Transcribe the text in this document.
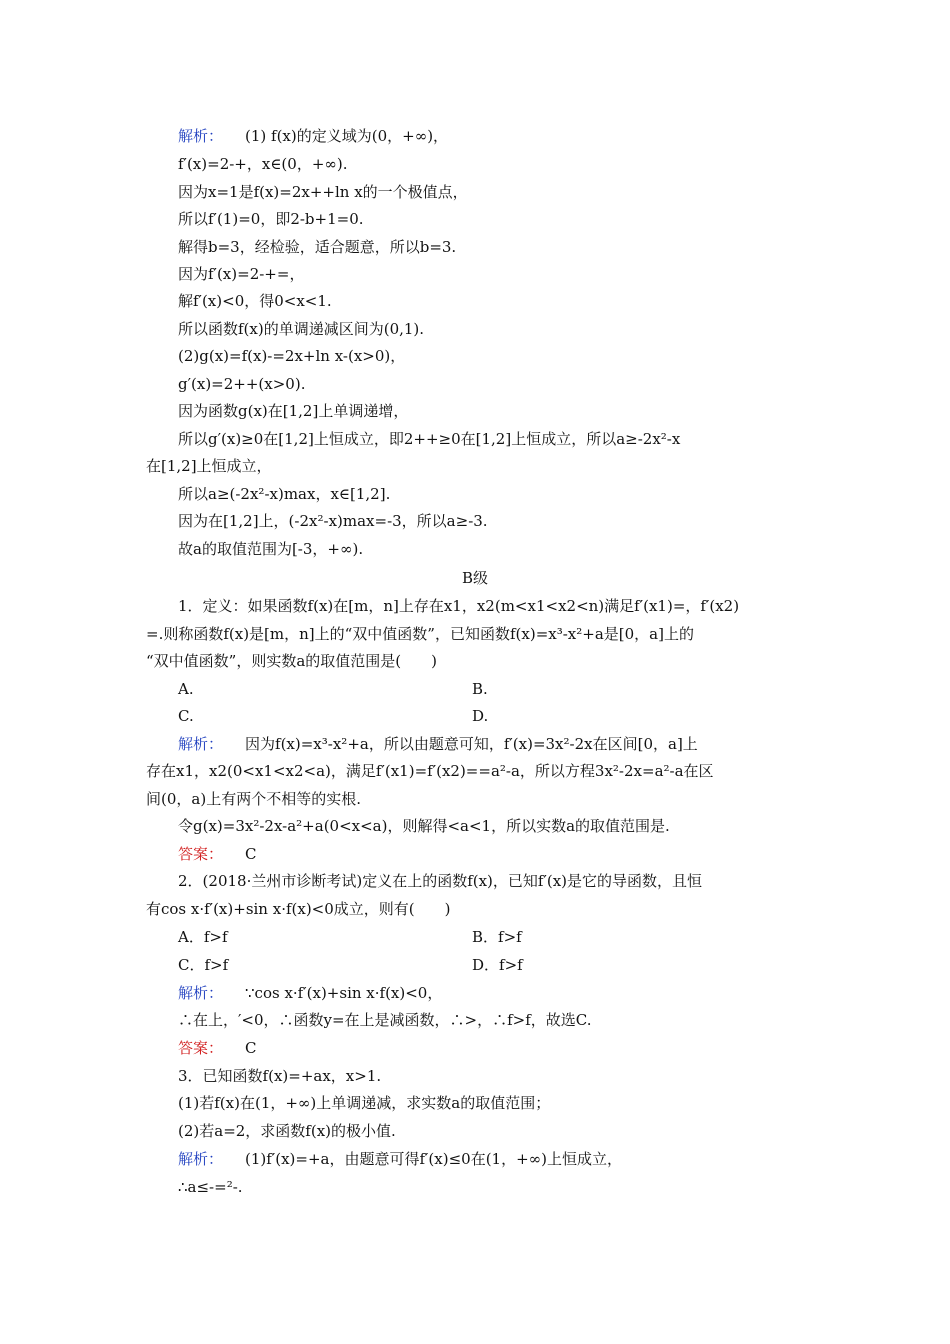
解析： (1) f(x)的定义域为(0，+∞)，
f′(x)=2-+，x∈(0，+∞).
因为x=1是f(x)=2x++ln x的一个极值点，
所以f′(1)=0，即2-b+1=0.
解得b=3，经检验，适合题意，所以b=3.
因为f′(x)=2-+=，
解f′(x)<0，得0<x<1.
所以函数f(x)的单调递减区间为(0,1).
(2)g(x)=f(x)-=2x+ln x-(x>0)，
g′(x)=2++(x>0).
因为函数g(x)在[1,2]上单调递增，
所以g′(x)≥0在[1,2]上恒成立，即2++≥0在[1,2]上恒成立，所以a≥-2x²-x
在[1,2]上恒成立，
所以a≥(-2x²-x)max，x∈[1,2].
因为在[1,2]上，(-2x²-x)max=-3，所以a≥-3.
故a的取值范围为[-3，+∞).
B级
1．定义：如果函数f(x)在[m，n]上存在x1，x2(m<x1<x2<n)满足f′(x1)=，f′(x2)
=.则称函数f(x)是[m，n]上的“双中值函数”，已知函数f(x)=x³-x²+a是[0，a]上的
“双中值函数”，则实数a的取值范围是(　　)
A.	B.
C.	D.
解析： 因为f(x)=x³-x²+a，所以由题意可知，f′(x)=3x²-2x在区间[0，a]上
存在x1，x2(0<x1<x2<a)，满足f′(x1)=f′(x2)==a²-a，所以方程3x²-2x=a²-a在区
间(0，a)上有两个不相等的实根.
令g(x)=3x²-2x-a²+a(0<x<a)，则解得<a<1，所以实数a的取值范围是.
答案： C
2．(2018·兰州市诊断考试)定义在上的函数f(x)，已知f′(x)是它的导函数，且恒
有cos x·f′(x)+sin x·f(x)<0成立，则有(　　)
A．f>f	B．f>f
C．f>f	D．f>f
解析： ∵cos x·f′(x)+sin x·f(x)<0，
∴在上，′<0，∴函数y=在上是减函数，∴>，∴f>f，故选C.
答案： C
3．已知函数f(x)=+ax，x>1.
(1)若f(x)在(1，+∞)上单调递减，求实数a的取值范围；
(2)若a=2，求函数f(x)的极小值.
解析： (1)f′(x)=+a，由题意可得f′(x)≤0在(1，+∞)上恒成立，
∴a≤-=²-.
